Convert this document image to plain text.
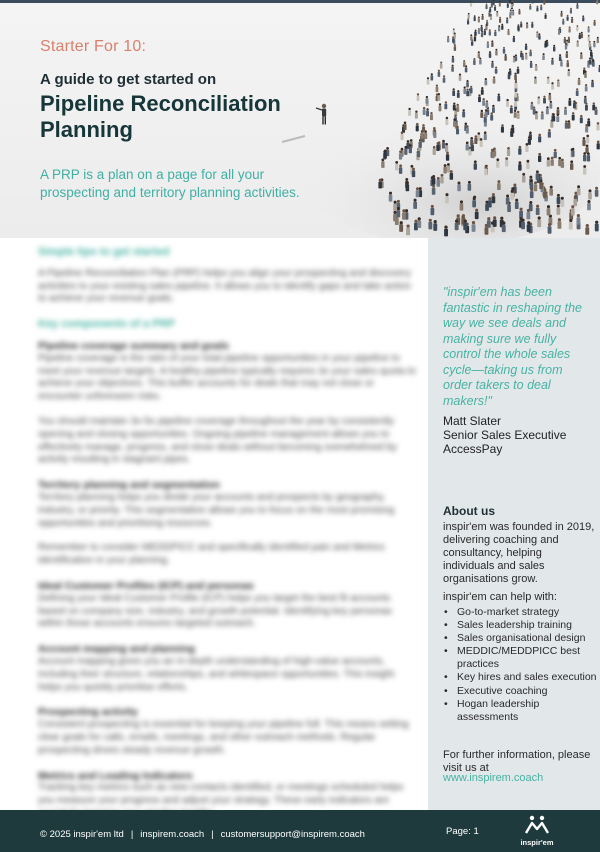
Starter For 10:
A guide to get started on
Pipeline Reconciliation Planning
A PRP is a plan on a page for all your prospecting and territory planning activities.
Simple tips to get started

A Pipeline Reconciliation Plan (PRP) helps you align your prospecting and discovery activities to your existing sales pipeline. It allows you to identify gaps and take action to achieve your revenue goals.

Key components of a PRP
Pipeline coverage summary and goals

Pipeline coverage is the ratio of your total pipeline opportunities in your pipeline to meet your revenue targets. A healthy pipeline typically requires 3x your sales quota to achieve your objectives. This buffer accounts for deals that may not close or encounter unforeseen risks.

You should maintain 3x-5x pipeline coverage throughout the year by consistently opening and closing opportunities. Ongoing pipeline management allows you to effectively manage, progress, and close deals without becoming overwhelmed by activity resulting in stagnant pipes.

Territory planning and segmentation

Territory planning helps you divide your accounts and prospects by geography, industry, or priority. This segmentation allows you to focus on the most promising opportunities and prioritising resources.

Remember to consider MEDDPICC and specifically identified pain and Metrics identification in your planning.

Ideal Customer Profiles (ICP) and personas

Defining your Ideal Customer Profile (ICP) helps you target the best fit accounts based on company size, industry, and growth potential. Identifying key personas within those accounts ensures targeted outreach.

Account mapping and planning

Account mapping gives you an in-depth understanding of high-value accounts, including their structure, relationships, and whitespace opportunities. This insight helps you quickly prioritise efforts.

Prospecting activity

Consistent prospecting is essential for keeping your pipeline full. This means setting clear goals for calls, emails, meetings, and other outreach methods. Regular prospecting drives steady revenue growth.

Metrics and Leading Indicators

Tracking key metrics such as new contacts identified, or meetings scheduled helps you measure your progress and adjust your strategy. These early indicators are

"inspir'em has been fantastic in reshaping the way we see deals and making sure we fully control the whole sales cycle—taking us from order takers to deal makers!"
Matt Slater
Senior Sales Executive
AccessPay
About us
inspir'em was founded in 2019, delivering coaching and consultancy, helping individuals and sales organisations grow.
inspir'em can help with:
• Go-to-market strategy
• Sales leadership training
• Sales organisational design
• MEDDIC/MEDDPICC best practices
• Key hires and sales execution
• Executive coaching
• Hogan leadership assessments
For further information, please visit us at
www.inspirem.coach
© 2025 inspir'em ltd | inspirem.coach | customersupport@inspirem.coach	Page: 1
inspir'em
